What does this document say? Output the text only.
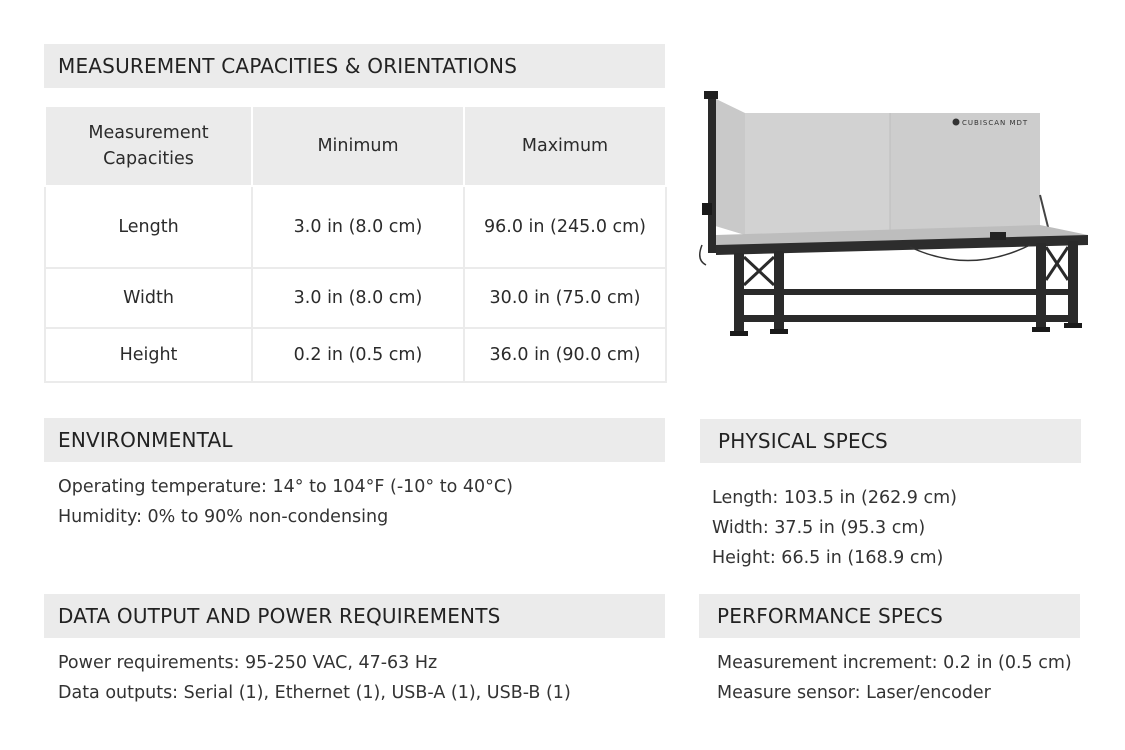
MEASUREMENT CAPACITIES & ORIENTATIONS
Measurement Capacities	Minimum	Maximum
Length	3.0 in (8.0 cm)	96.0 in (245.0 cm)
Width	3.0 in (8.0 cm)	30.0 in (75.0 cm)
Height	0.2 in (0.5 cm)	36.0 in (90.0 cm)
CUBISCAN MDT
ENVIRONMENTAL
Operating temperature: 14° to 104°F (-10° to 40°C)
Humidity: 0% to 90% non-condensing
PHYSICAL SPECS
Length: 103.5 in (262.9 cm)
Width: 37.5 in (95.3 cm)
Height: 66.5 in (168.9 cm)
DATA OUTPUT AND POWER REQUIREMENTS
Power requirements: 95-250 VAC, 47-63 Hz
Data outputs: Serial (1), Ethernet (1), USB-A (1), USB-B (1)
PERFORMANCE SPECS
Measurement increment: 0.2 in (0.5 cm)
Measure sensor: Laser/encoder
